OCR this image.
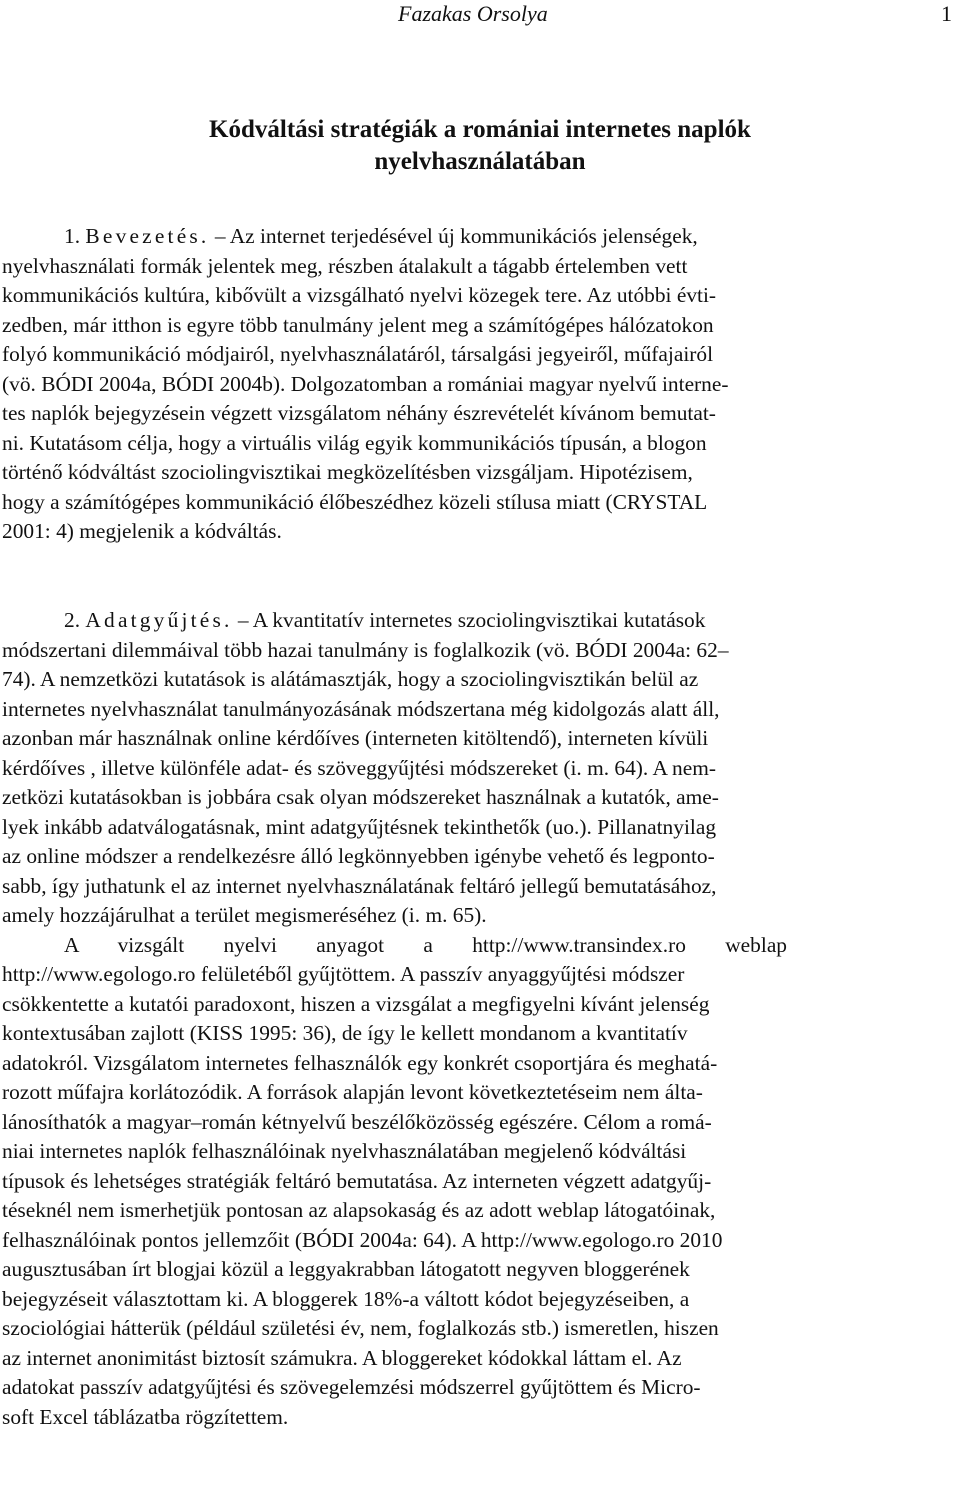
Fazakas Orsolya	1
Kódváltási stratégiák a romániai internetes naplók
nyelvhasználatában
1. Bevezetés. – Az internet terjedésével új kommunikációs jelenségek,
nyelvhasználati formák jelentek meg, részben átalakult a tágabb értelemben vett
kommunikációs kultúra, kibővült a vizsgálható nyelvi közegek tere. Az utóbbi évti-
zedben, már itthon is egyre több tanulmány jelent meg a számítógépes hálózatokon
folyó kommunikáció módjairól, nyelvhasználatáról, társalgási jegyeiről, műfajairól
(vö. BÓDI 2004a, BÓDI 2004b). Dolgozatomban a romániai magyar nyelvű interne-
tes naplók bejegyzésein végzett vizsgálatom néhány észrevételét kívánom bemutat-
ni. Kutatásom célja, hogy a virtuális világ egyik kommunikációs típusán, a blogon
történő kódváltást szociolingvisztikai megközelítésben vizsgáljam. Hipotézisem,
hogy a számítógépes kommunikáció élőbeszédhez közeli stílusa miatt (CRYSTAL
2001: 4) megjelenik a kódváltás.
2. Adatgyűjtés. – A kvantitatív internetes szociolingvisztikai kutatások
módszertani dilemmáival több hazai tanulmány is foglalkozik (vö. BÓDI 2004a: 62–
74). A nemzetközi kutatások is alátámasztják, hogy a szociolingvisztikán belül az
internetes nyelvhasználat tanulmányozásának módszertana még kidolgozás alatt áll,
azonban már használnak online kérdőíves (interneten kitöltendő), interneten kívüli
kérdőíves , illetve különféle adat- és szöveggyűjtési módszereket (i. m. 64). A nem-
zetközi kutatásokban is jobbára csak olyan módszereket használnak a kutatók, ame-
lyek inkább adatválogatásnak, mint adatgyűjtésnek tekinthetők (uo.). Pillanatnyilag
az online módszer a rendelkezésre álló legkönnyebben igénybe vehető és legponto-
sabb, így juthatunk el az internet nyelvhasználatának feltáró jellegű bemutatásához,
amely hozzájárulhat a terület megismeréséhez (i. m. 65).
A vizsgált nyelvi anyagot a http://www.transindex.ro weblap
http://www.egologo.ro felületéből gyűjtöttem. A passzív anyaggyűjtési módszer
csökkentette a kutatói paradoxont, hiszen a vizsgálat a megfigyelni kívánt jelenség
kontextusában zajlott (KISS 1995: 36), de így le kellett mondanom a kvantitatív
adatokról. Vizsgálatom internetes felhasználók egy konkrét csoportjára és meghatá-
rozott műfajra korlátozódik. A források alapján levont következtetéseim nem álta-
lánosíthatók a magyar–román kétnyelvű beszélőközösség egészére. Célom a romá-
niai internetes naplók felhasználóinak nyelvhasználatában megjelenő kódváltási
típusok és lehetséges stratégiák feltáró bemutatása. Az interneten végzett adatgyűj-
téseknél nem ismerhetjük pontosan az alapsokaság és az adott weblap látogatóinak,
felhasználóinak pontos jellemzőit (BÓDI 2004a: 64). A http://www.egologo.ro 2010
augusztusában írt blogjai közül a leggyakrabban látogatott negyven bloggerének
bejegyzéseit választottam ki. A bloggerek 18%-a váltott kódot bejegyzéseiben, a
szociológiai hátterük (például születési év, nem, foglalkozás stb.) ismeretlen, hiszen
az internet anonimitást biztosít számukra. A bloggereket kódokkal láttam el. Az
adatokat passzív adatgyűjtési és szövegelemzési módszerrel gyűjtöttem és Micro-
soft Excel táblázatba rögzítettem.
